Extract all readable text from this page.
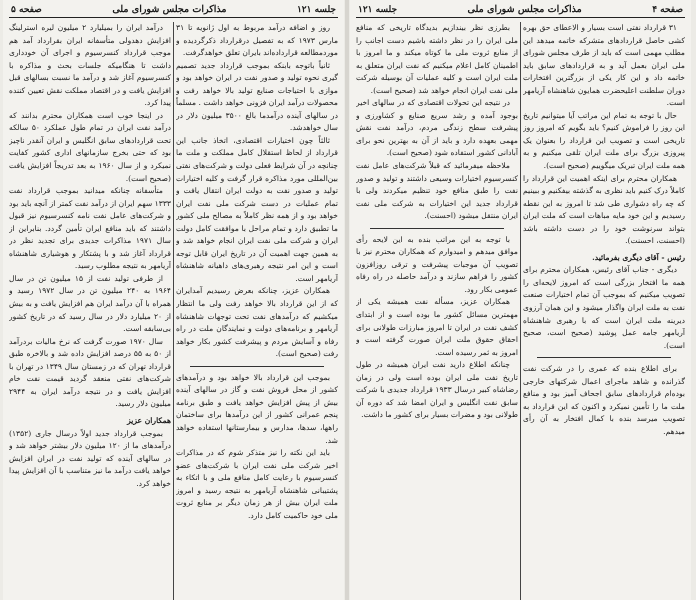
جلسه ۱۲۱
مذاکرات مجلس شورای ملی
صفحه ۵

روز و اضافه درآمد مربوط به اول ژانویه تا ۳۱ مارس ۱۹۷۳ که به تفصیل درقرارداد ذکرگردیده و موردمطالعه قرارداده‌اند بایران تعلق خواهدگرفت.

ثانیاً باتوجه بابنکه بموجب قرارداد جدید تصمیم گیری نحوه تولید و صدور نفت در ایران خواهد بود و موازی با احتیاجات صنایع تولید بالا خواهد رفت و محصولات درآمد ایران فزونی خواهد داشت . مسلماً در سالهای آینده درآمدما بالغ ۳۵۰۰ میلیون دلار در سال خواهدشد.

ثالثاً چون اختیارات اقتصادی، اتخاذ جانب این قرارداد از لحاظ استقلال کامل مملکت و ملت ما چنانچه در آن شرایط فعلی دولت و شرکت‌های نفتی بین‌المللی مورد مذاکره قرار گرفت و کلیه اختیارات تولید و صدور نفت به دولت ایران انتقال یافت و تمام عملیات در دست شرکت ملی نفت ایران خواهد بود و از همه نظر کاملاً به مصالح ملی کشور ما تطبیق دارد و تمام مراحل با موافقت کامل دولت ایران و شرکت ملی نفت ایران انجام خواهد شد و به همین جهت اهمیت آن در تاریخ ایران قابل توجه است و این امر نتیجه رهبری‌های داهیانه شاهنشاه آریامهر است.

همکاران عزیز، چنانکه بعرض رسیدیم آمدایران که از این قرارداد بالا خواهد رفت ولی ما انتظار میکشیم که درآمدهای نفت تحت توجهات شاهنشاه آریامهر و برنامه‌های دولت و نمایندگان ملت در راه رفاه و آسایش مردم و پیشرفت کشور بکار خواهد رفت (صحیح است).

بموجب این قرارداد بالا خواهد بود و درآمدهای کشور از محل فروش نفت و گاز در سالهای آینده بیش از پیش افزایش خواهد یافت و طبق برنامه پنجم عمرانی کشور از این درآمدها برای ساختمان راهها، سدها، مدارس و بیمارستانها استفاده خواهد شد.

باید این نکته را نیز متذکر شوم که در مذاکرات اخیر شرکت ملی نفت ایران با شرکت‌های عضو کنسرسیوم با رعایت کامل منافع ملی و با اتکاء به پشتیبانی شاهنشاه آریامهر به نتیجه رسید و امروز ملت ایران بیش از هر زمان دیگر بر منابع ثروت ملی خود حاکمیت کامل دارد.

درآمد ایران را بمیلیارد ۲ میلیون لیره استرلینگ افزایش دهدولی متأسفانه ایران بقرارداد آمد هم موجب قرارداد کنسرسیوم و اجرای آن خودداری داشت تا هنگامیکه جلسات بحث و مذاکره با کنسرسیوم آغاز شد و درآمد ما نسبت بسالهای قبل افزایش یافت و در اقتصاد مملکت نقش تعیین کننده پیدا کرد.

در اینجا خوب است همکاران محترم بدانند که درآمد نفت ایران در تمام طول عملکرد ۵۰ سالکه تحت قراردادهای سابق انگلیس و ایران آنقدر ناچیز بود که حتی بخرج سازمانهای اداری کشور کفایت نمیکرد و از سال ۱۹۶۰ به بعد تدریجاً افزایش یافت (صحیح است).

متأسفانه چنانکه میدانید بموجب قرارداد نفت ۱۳۳۳ سهم ایران از درآمد نفت کمتر از آنچه باید بود و شرکت‌های عامل نفت نامه کنسرسیوم نیز قبول داشتند که باید منافع ایران تأمین گردد. بنابراین از سال ۱۹۷۱ مذاکرات جدیدی برای تجدید نظر در قرارداد آغاز شد و با پشتکار و هوشیاری شاهنشاه آریامهر به نتیجه مطلوب رسید.

از طرفی تولید نفت از ۱۵ میلیون تن در سال ۱۹۶۴ به ۲۴۰ میلیون تن در سال ۱۹۷۲ رسید و همراه با آن درآمد ایران هم افزایش یافت و به بیش از ۲۰ میلیارد دلار در سال رسید که در تاریخ کشور بی‌سابقه است.

سال ۱۹۷۰ صورت گرفت که نرخ مالیات بردرآمد از ۵۰ به ۵۵ درصد افزایش داده شد و بالاخره طبق قرارداد تهران که در زمستان سال ۱۳۴۹ در تهران با شرکت‌های نفتی منعقد گردید قیمت نفت خام افزایش یافت و در نتیجه درآمد ایران به ۲۹۴۴ میلیون دلار رسید.

همکاران عزیز

بموجب قرارداد جدید اولاً درسال جاری (۱۳۵۲) درآمدهای ما از ۱۲۰ میلیون دلار بیشتر خواهد شد و در سالهای آینده که تولید نفت در ایران افزایش خواهد یافت درآمد ما نیز متناسب با آن افزایش پیدا خواهد کرد.

صفحه ۴
مذاکرات مجلس شورای ملی
جلسه ۱۲۱

۳۱ قرارداد نفتی است بسیار و الاعطای حق بهره کشی حاصل قراردادهای متشرکه خاتمه میدهد این مطلب مهمی است که باید از طرف مجلس شورای ملی ایران بعمل آید و به قراردادهای سابق باید خاتمه داد و این کار یکی از بزرگترین افتخارات دوران سلطنت اعلیحضرت همایون شاهنشاه آریامهر است.

حال با توجه به تمام این مراتب آیا میتوانیم تاریخ این روز را فراموش کنیم؟ باید بگویم که امروز روز تاریخی است و تصویب این قرارداد را بعنوان یک پیروزی بزرگ برای ملت ایران تلقی میکنیم و به همه ملت ایران تبریک میگوییم (صحیح است).

همکاران محترم برای اینکه اهمیت این قرارداد را کاملاً درک کنیم باید نظری به گذشته بیفکنیم و ببینیم که چه راه دشواری طی شد تا امروز به این نقطه رسیدیم و این خود مایه مباهات است که ملت ایران بتواند سرنوشت خود را در دست داشته باشد (احسنت، احسنت).

رئیس - آقای دیگری بفرمائید.

دیگری - جناب آقای رئیس، همکاران محترم برای همه ما افتخار بزرگی است که امروز لایحه‌ای را تصویب میکنیم که بموجب آن تمام اختیارات صنعت نفت به ملت ایران واگذار میشود و این همان آرزوی دیرینه ملت ایران است که با رهبری شاهنشاه آریامهر جامه عمل پوشید (صحیح است، صحیح است).

برای اطلاع بنده که عمری را در شرکت نفت گذرانده و شاهد ماجرای اعمال شرکتهای خارجی بوده‌ام قراردادهای سابق اجحاف آمیز بود و منافع ملت ما را تأمین نمیکرد و اکنون که این قرارداد به تصویب میرسد بنده با کمال افتخار به آن رأی میدهم.

بطرزی نظر بیندازیم بدیدگاه تاریخی که منافع ملی ایران را در نظر داشته باشیم دست اجانب را از منابع ثروت ملی ما کوتاه میکند و ما امروز با اطمینان کامل اعلام میکنیم که نفت ایران متعلق به ملت ایران است و کلیه عملیات آن بوسیله شرکت ملی نفت ایران انجام خواهد شد (صحیح است).

در نتیجه این تحولات اقتصادی که در سالهای اخیر بوجود آمده و رشد سریع صنایع و کشاورزی و پیشرفت سطح زندگی مردم، درآمد نفت نقش مهمی بعهده دارد و باید از آن به بهترین نحو برای آبادانی کشور استفاده شود (صحیح است).

ملاحظه میفرمائید که قبلاً شرکت‌های عامل نفت کنسرسیوم اختیارات وسیعی داشتند و تولید و صدور نفت را طبق منافع خود تنظیم میکردند ولی با قرارداد جدید این اختیارات به شرکت ملی نفت ایران منتقل میشود (احسنت).

با توجه به این مراتب بنده به این لایحه رأی موافق میدهم و امیدوارم که همکاران محترم نیز با تصویب آن موجبات پیشرفت و ترقی روزافزون کشور را فراهم سازند و درآمد حاصله در راه رفاه عمومی بکار رود.

همکاران عزیز، مسأله نفت همیشه یکی از مهمترین مسائل کشور ما بوده است و از ابتدای کشف نفت در ایران تا امروز مبارزات طولانی برای احقاق حقوق ملت ایران صورت گرفته است و امروز به ثمر رسیده است.

چنانکه اطلاع دارید نفت ایران همیشه در طول تاریخ نفت ملی ایران بوده است ولی در زمان رضاشاه کبیر درسال ۱۹۳۳ قرارداد جدیدی با شرکت سابق نفت انگلیس و ایران امضا شد که دوره آن طولانی بود و مضرات بسیار برای کشور ما داشت.
